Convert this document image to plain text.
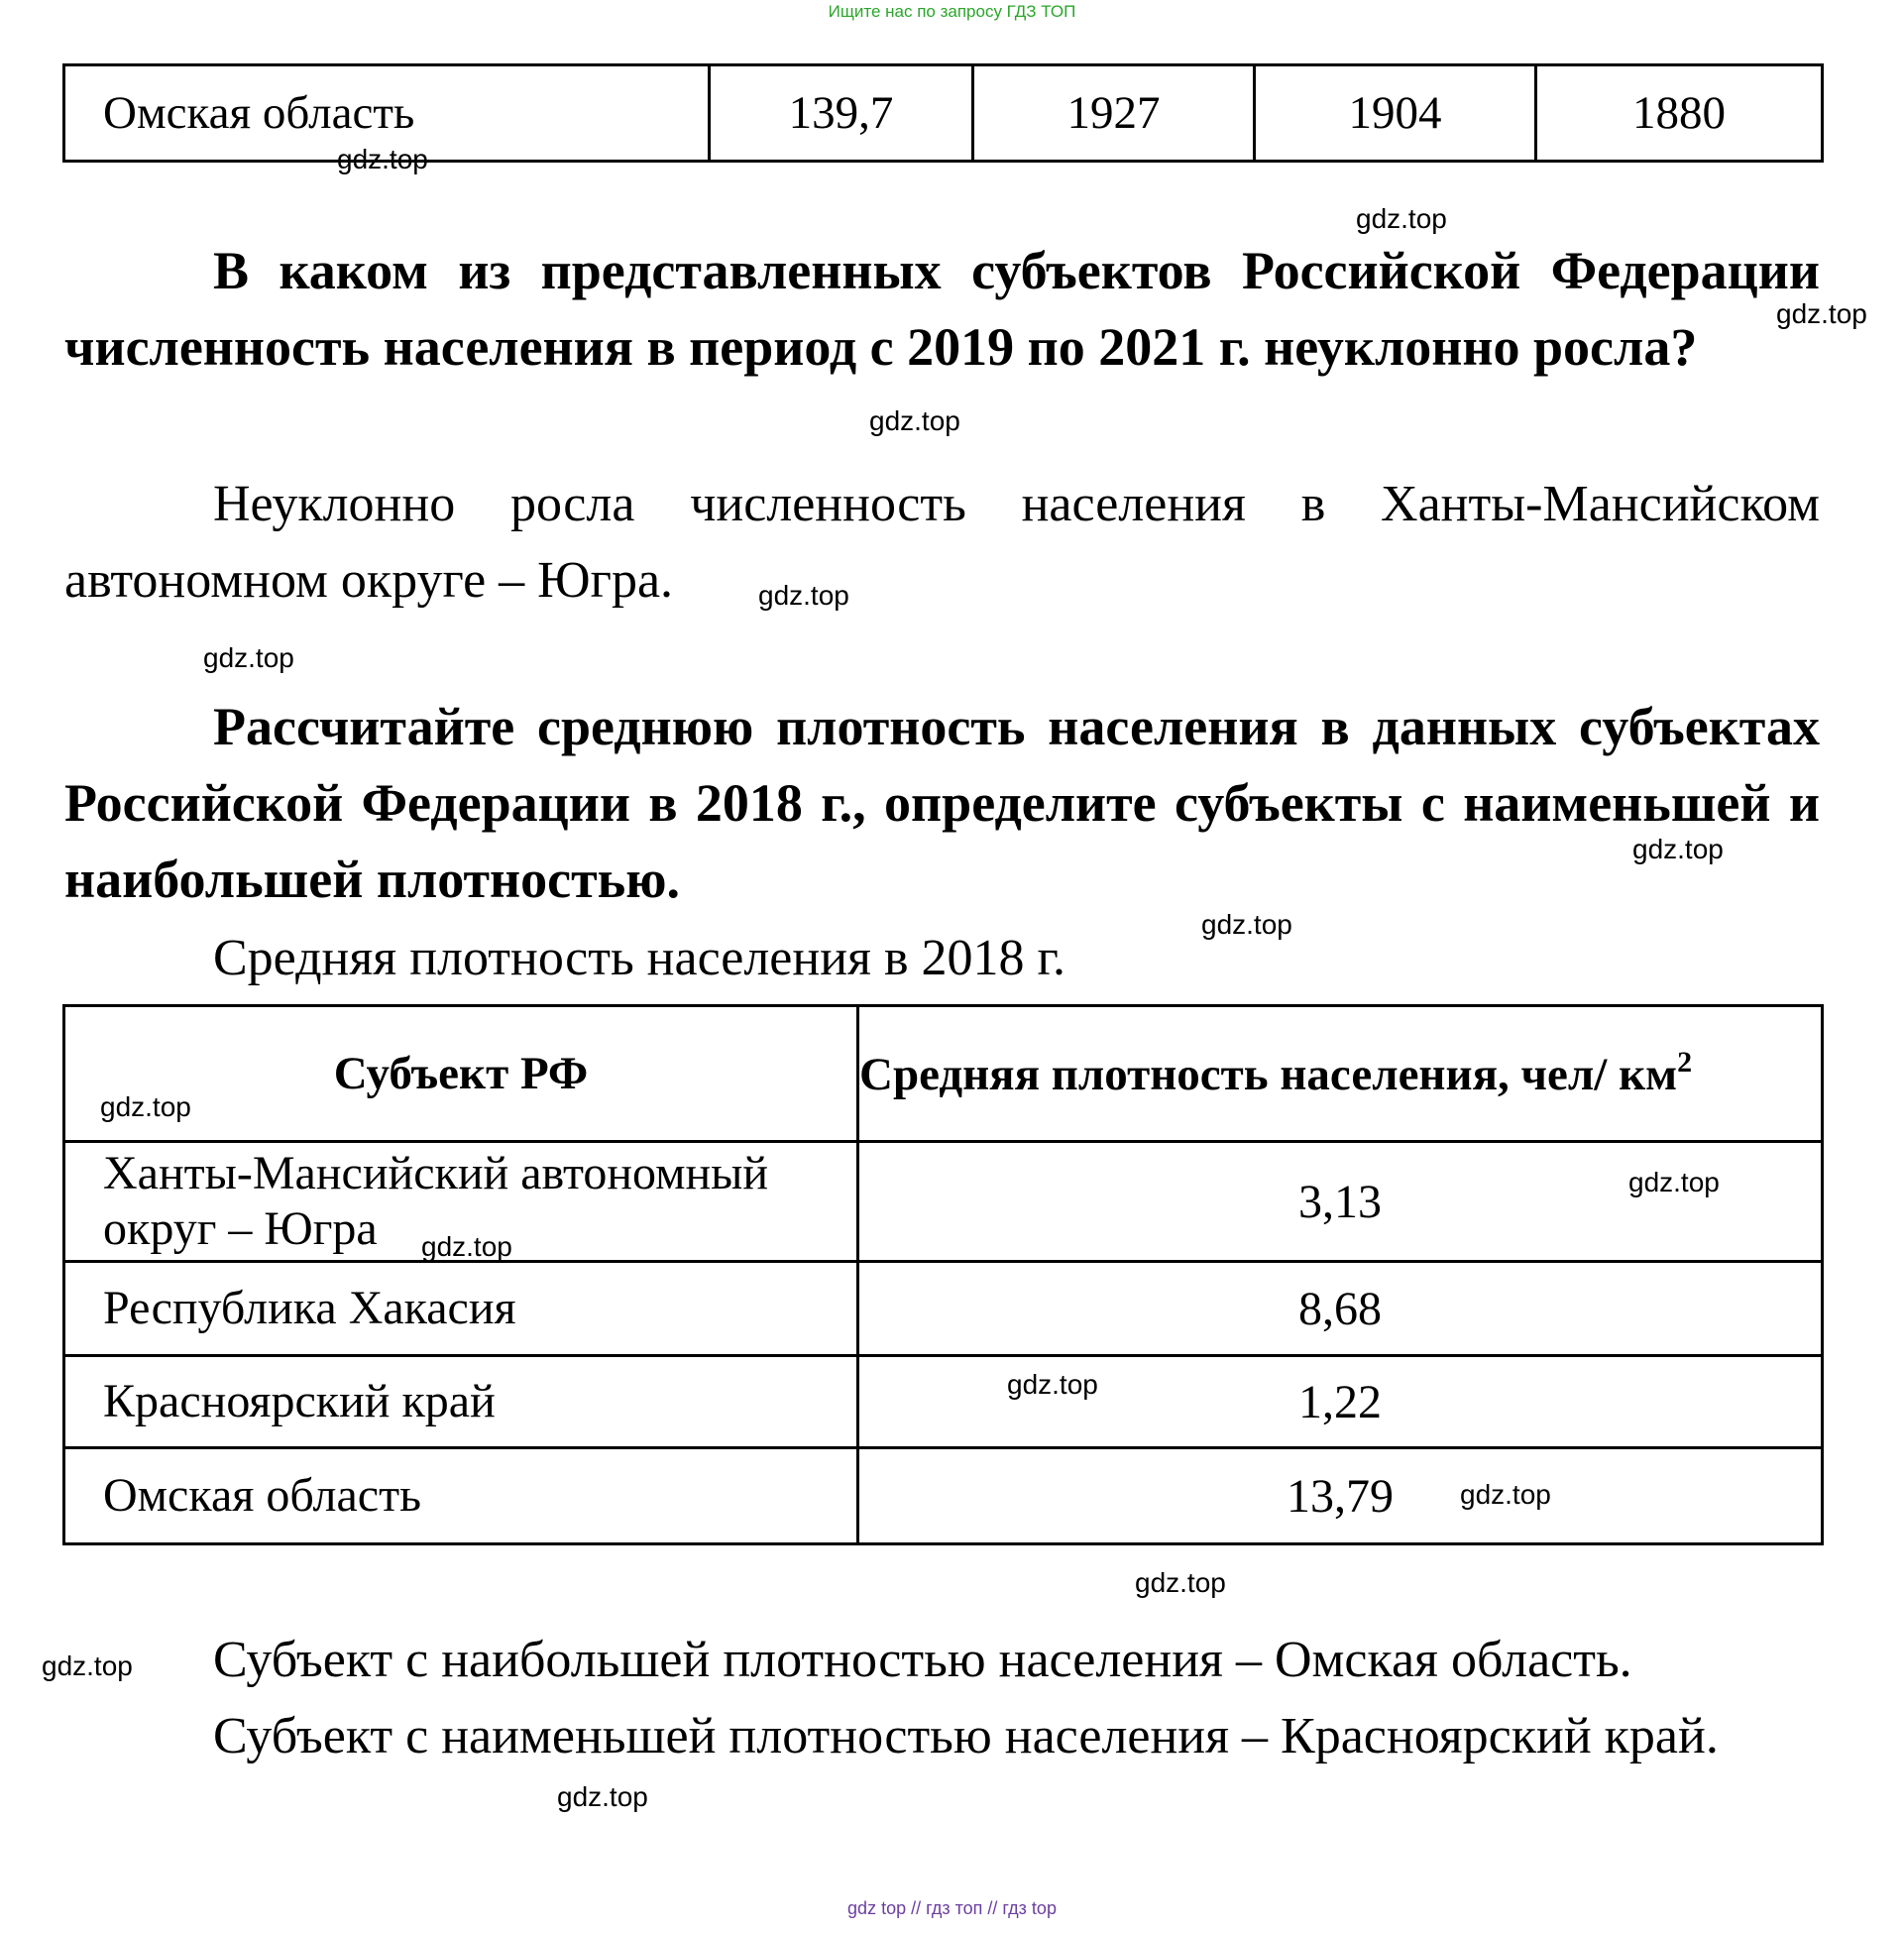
Ищите нас по запросу ГДЗ ТОП
Омская область	139,7	1927	1904	1880
В каком из представленных субъектов Российской Федерации численность населения в период с 2019 по 2021 г. неуклонно росла?
Неуклонно росла численность населения в Ханты-Мансийском автономном округе – Югра.
Рассчитайте среднюю плотность населения в данных субъектах Российской Федерации в 2018 г., определите субъекты с наименьшей и наибольшей плотностью.
Средняя плотность населения в 2018 г.
Субъект РФ	Средняя плотность населения, чел/ $км^2$
Ханты-Мансийский автономный округ – Югра	3,13
Республика Хакасия	8,68
Красноярский край	1,22
Омская область	13,79
Субъект с наибольшей плотностью населения – Омская область.
Субъект с наименьшей плотностью населения – Красноярский край.
gdz.top
gdz.top
gdz.top
gdz.top
gdz.top
gdz.top
gdz.top
gdz.top
gdz.top
gdz.top
gdz.top
gdz.top
gdz.top
gdz.top
gdz.top
gdz.top
gdz top // гдз топ // гдз top
